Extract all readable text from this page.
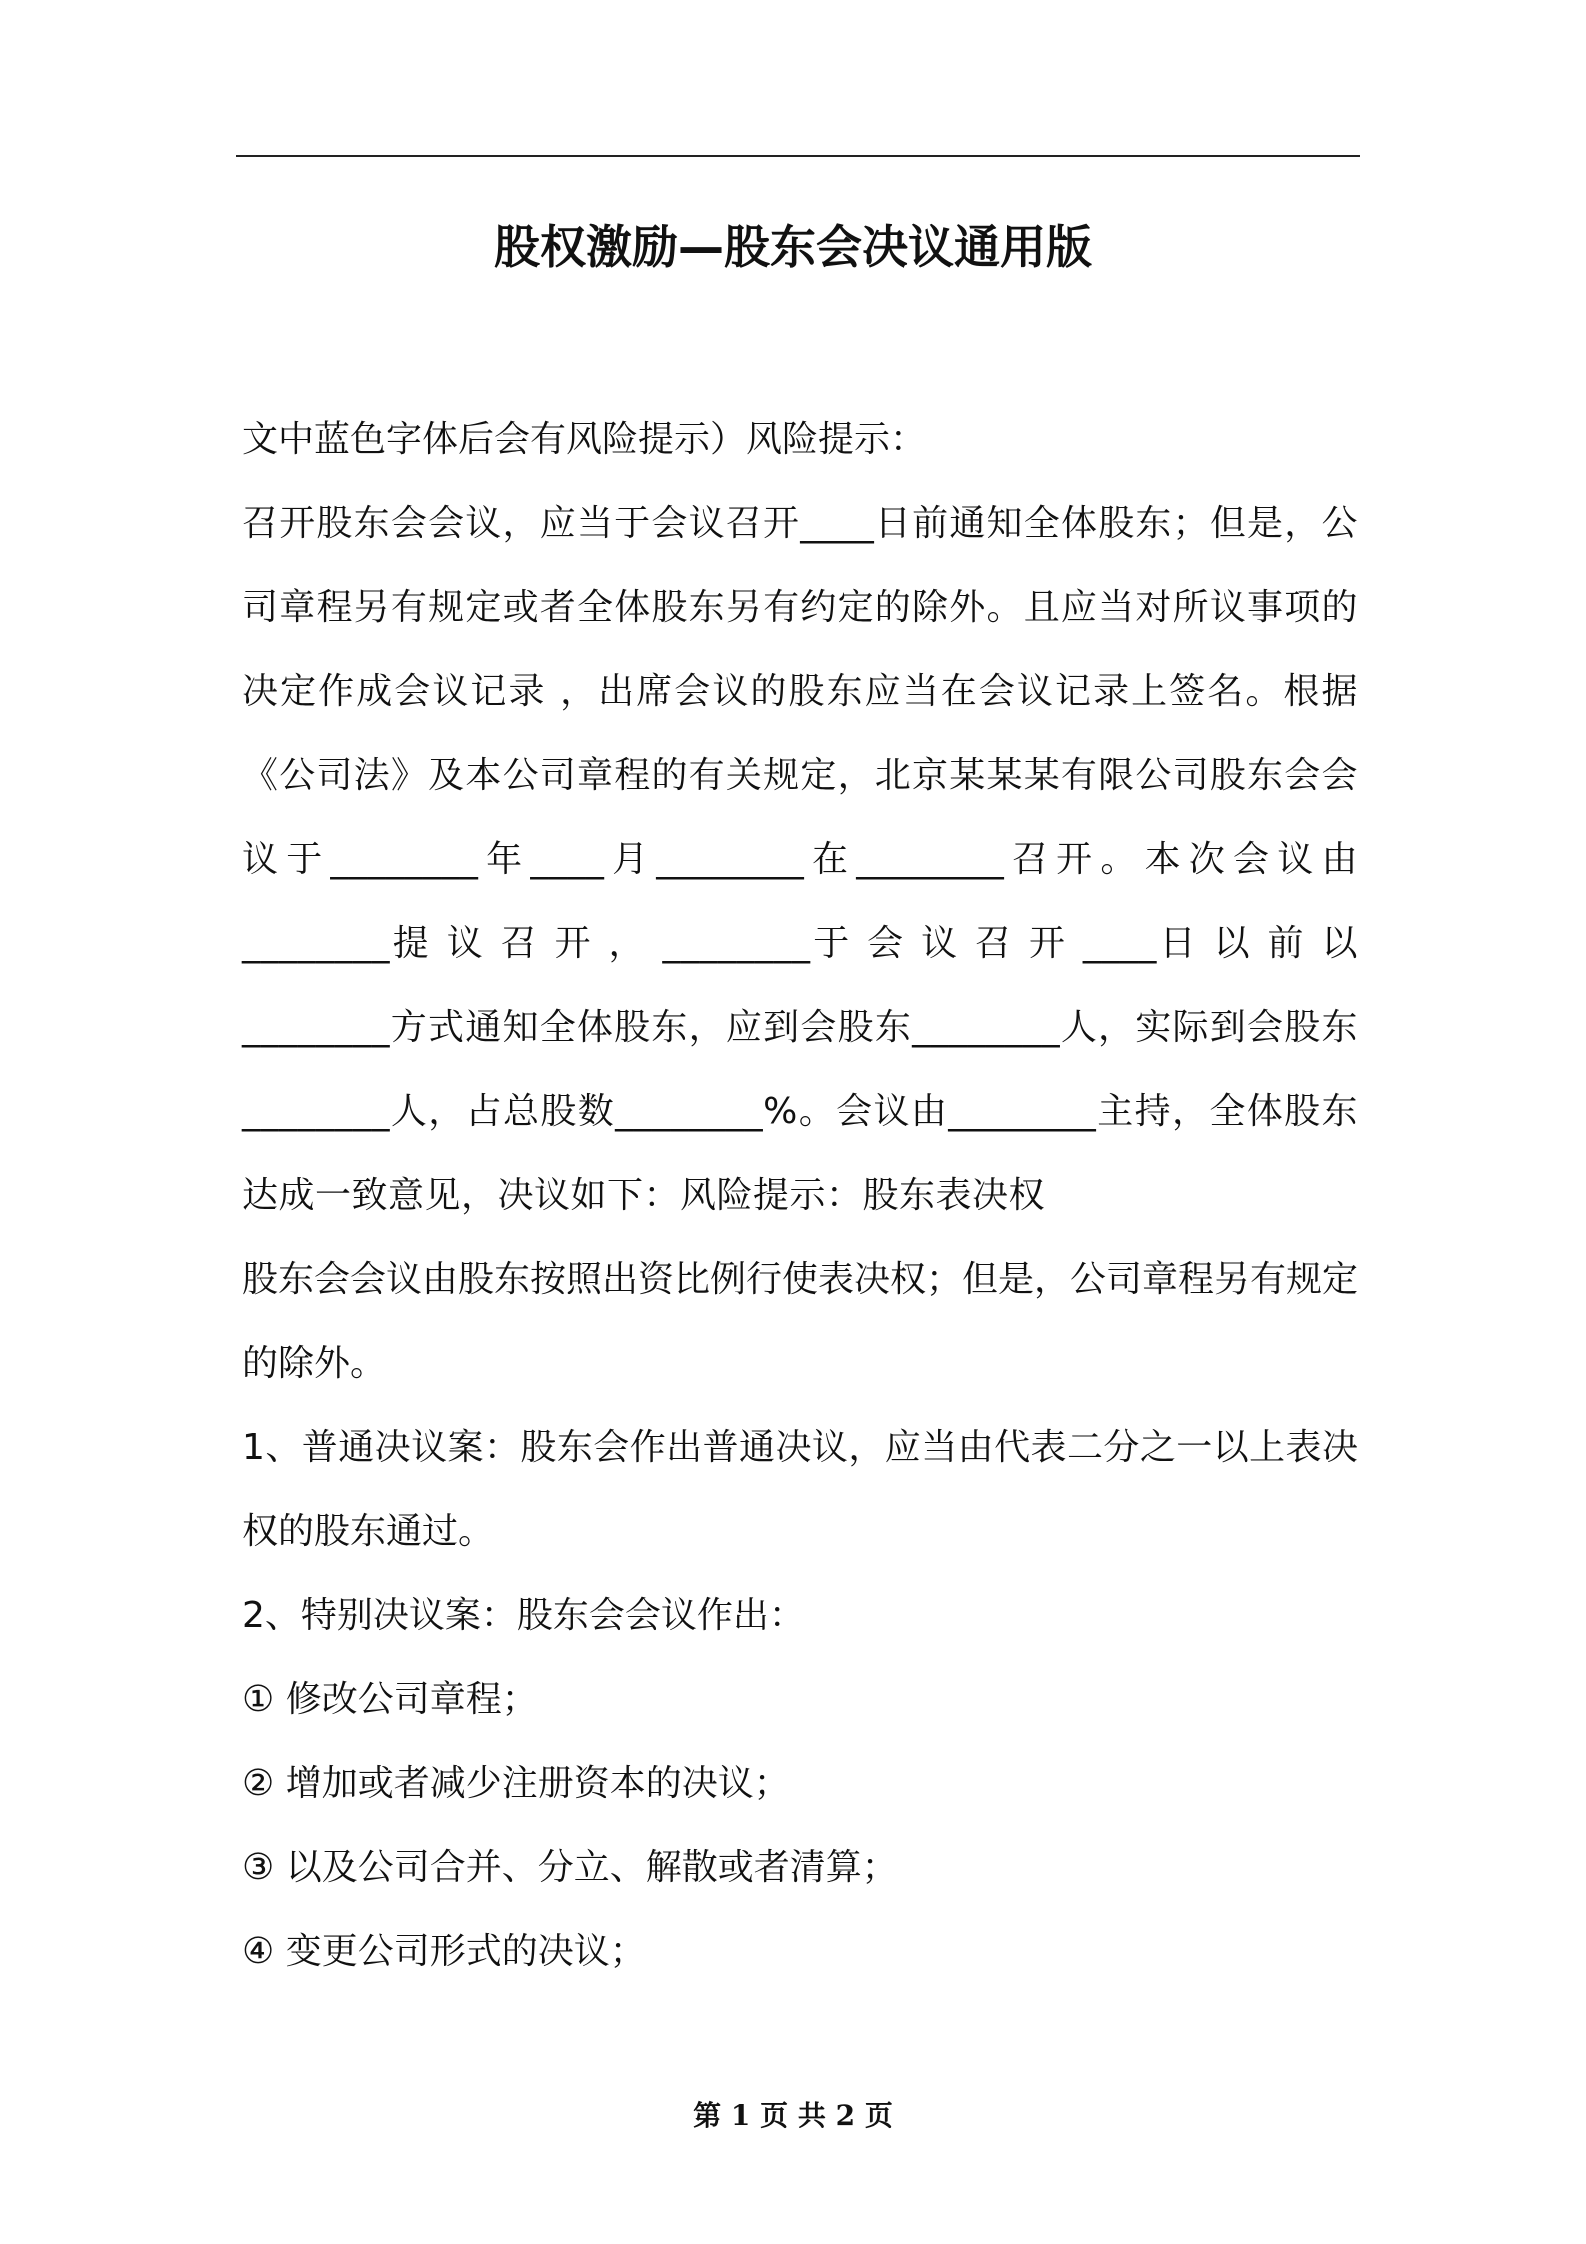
股权激励—股东会决议通用版

文中蓝色字体后会有风险提示）风险提示：

召开股东会会议，应当于会议召开____日前通知全体股东；但是，公司章程另有规定或者全体股东另有约定的除外。且应当对所议事项的决定作成会议记录 ，出席会议的股东应当在会议记录上签名。根据《公司法》及本公司章程的有关规定，北京某某某有限公司股东会会议于________年____月________在________召开。本次会议由 ________提 议 召 开 ， ________于 会 议 召 开 ____日 以 前 以________方式通知全体股东，应到会股东________人，实际到会股东________人，占总股数________%。会议由________主持，全体股东达成一致意见，决议如下：风险提示：股东表决权

股东会会议由股东按照出资比例行使表决权；但是，公司章程另有规定的除外。

1、普通决议案：股东会作出普通决议，应当由代表二分之一以上表决权的股东通过。

2、特别决议案：股东会会议作出：

① 修改公司章程；

② 增加或者减少注册资本的决议；

③ 以及公司合并、分立、解散或者清算；

④ 变更公司形式的决议；

第 1 页 共 2 页
